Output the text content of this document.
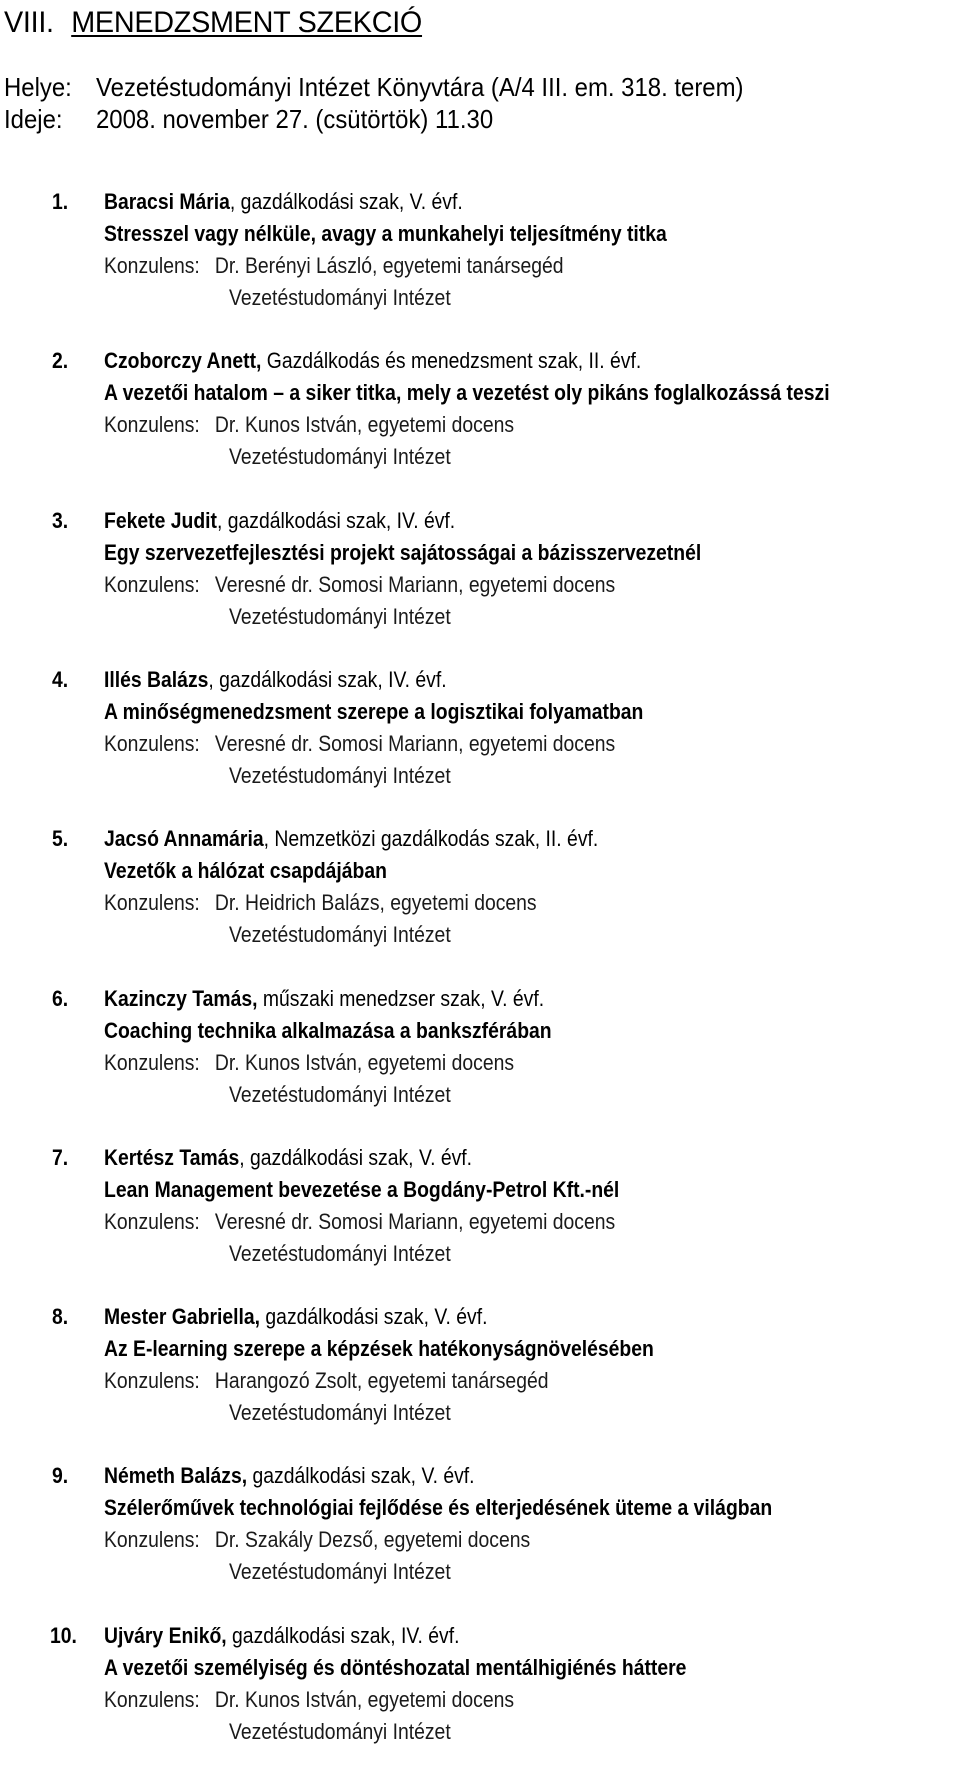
VIII. MENEDZSMENT SZEKCIÓ
Helye: Vezetéstudományi Intézet Könyvtára (A/4 III. em. 318. terem)
Ideje: 2008. november 27. (csütörtök) 11.30
1. Baracsi Mária, gazdálkodási szak, V. évf.
Stresszel vagy nélküle, avagy a munkahelyi teljesítmény titka
Konzulens: Dr. Berényi László, egyetemi tanársegéd
Vezetéstudományi Intézet
2. Czoborczy Anett, Gazdálkodás és menedzsment szak, II. évf.
A vezetői hatalom – a siker titka, mely a vezetést oly pikáns foglalkozássá teszi
Konzulens: Dr. Kunos István, egyetemi docens
Vezetéstudományi Intézet
3. Fekete Judit, gazdálkodási szak, IV. évf.
Egy szervezetfejlesztési projekt sajátosságai a bázisszervezetnél
Konzulens: Veresné dr. Somosi Mariann, egyetemi docens
Vezetéstudományi Intézet
4. Illés Balázs, gazdálkodási szak, IV. évf.
A minőségmenedzsment szerepe a logisztikai folyamatban
Konzulens: Veresné dr. Somosi Mariann, egyetemi docens
Vezetéstudományi Intézet
5. Jacsó Annamária, Nemzetközi gazdálkodás szak, II. évf.
Vezetők a hálózat csapdájában
Konzulens: Dr. Heidrich Balázs, egyetemi docens
Vezetéstudományi Intézet
6. Kazinczy Tamás, műszaki menedzser szak, V. évf.
Coaching technika alkalmazása a bankszférában
Konzulens: Dr. Kunos István, egyetemi docens
Vezetéstudományi Intézet
7. Kertész Tamás, gazdálkodási szak, V. évf.
Lean Management bevezetése a Bogdány-Petrol Kft.-nél
Konzulens: Veresné dr. Somosi Mariann, egyetemi docens
Vezetéstudományi Intézet
8. Mester Gabriella, gazdálkodási szak, V. évf.
Az E-learning szerepe a képzések hatékonyságnövelésében
Konzulens: Harangozó Zsolt, egyetemi tanársegéd
Vezetéstudományi Intézet
9. Németh Balázs, gazdálkodási szak, V. évf.
Szélerőművek technológiai fejlődése és elterjedésének üteme a világban
Konzulens: Dr. Szakály Dezső, egyetemi docens
Vezetéstudományi Intézet
10. Ujváry Enikő, gazdálkodási szak, IV. évf.
A vezetői személyiség és döntéshozatal mentálhigiénés háttere
Konzulens: Dr. Kunos István, egyetemi docens
Vezetéstudományi Intézet
